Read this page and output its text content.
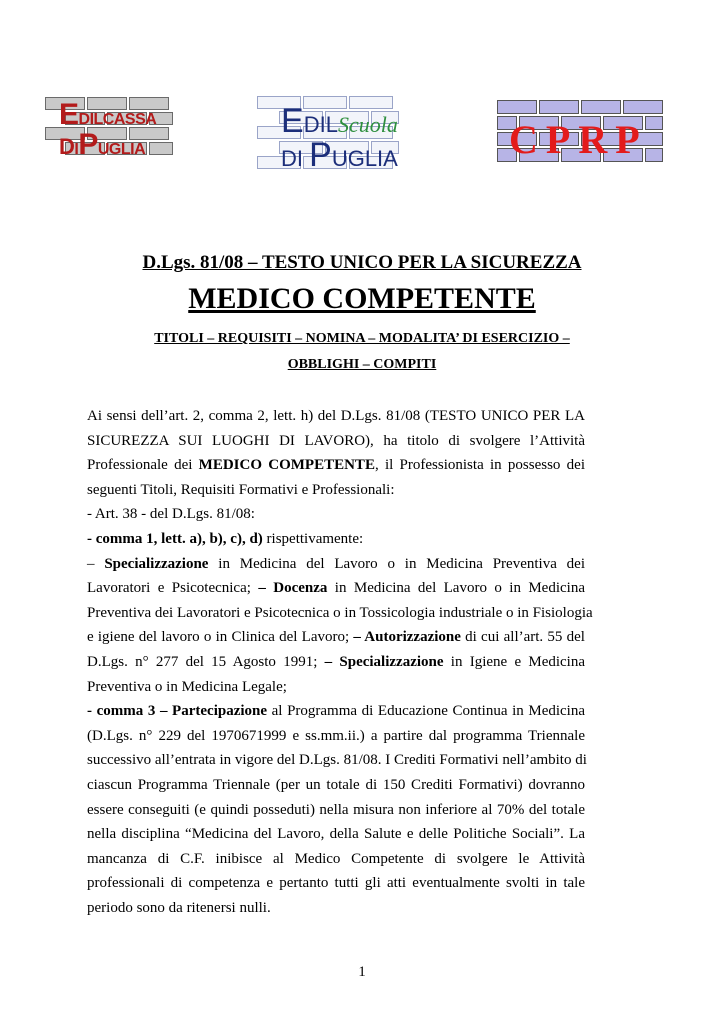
EDILCASSA
DIPUGLIA
EDILScuola
DI PUGLIA	CPRP
D.Lgs. 81/08 – TESTO UNICO PER LA SICUREZZA
MEDICO COMPETENTE
TITOLI – REQUISITI – NOMINA – MODALITA’ DI ESERCIZIO –
OBBLIGHI – COMPITI
Ai sensi dell’art. 2, comma 2, lett. h) del D.Lgs. 81/08 (TESTO UNICO PER LA
SICUREZZA SUI LUOGHI DI LAVORO), ha titolo di svolgere l’Attività
Professionale dei MEDICO COMPETENTE, il Professionista in possesso dei
seguenti Titoli, Requisiti Formativi e Professionali:
- Art. 38 - del D.Lgs. 81/08:
- comma 1, lett. a), b), c), d) rispettivamente:
– Specializzazione in Medicina del Lavoro o in Medicina Preventiva dei
Lavoratori e Psicotecnica; – Docenza in Medicina del Lavoro o in Medicina
Preventiva dei Lavoratori e Psicotecnica o in Tossicologia industriale o in Fisiologia
e igiene del lavoro o in Clinica del Lavoro; – Autorizzazione di cui all’art. 55 del
D.Lgs. n° 277 del 15 Agosto 1991; – Specializzazione in Igiene e Medicina
Preventiva o in Medicina Legale;
- comma 3 – Partecipazione al Programma di Educazione Continua in Medicina
(D.Lgs. n° 229 del 1970671999 e ss.mm.ii.) a partire dal programma Triennale
successivo all’entrata in vigore del D.Lgs. 81/08. I Crediti Formativi nell’ambito di
ciascun Programma Triennale (per un totale di 150 Crediti Formativi) dovranno
essere conseguiti (e quindi posseduti) nella misura non inferiore al 70% del totale
nella disciplina “Medicina del Lavoro, della Salute e delle Politiche Sociali”. La
mancanza di C.F. inibisce al Medico Competente di svolgere le Attività
professionali di competenza e pertanto tutti gli atti eventualmente svolti in tale
periodo sono da ritenersi nulli.
1
